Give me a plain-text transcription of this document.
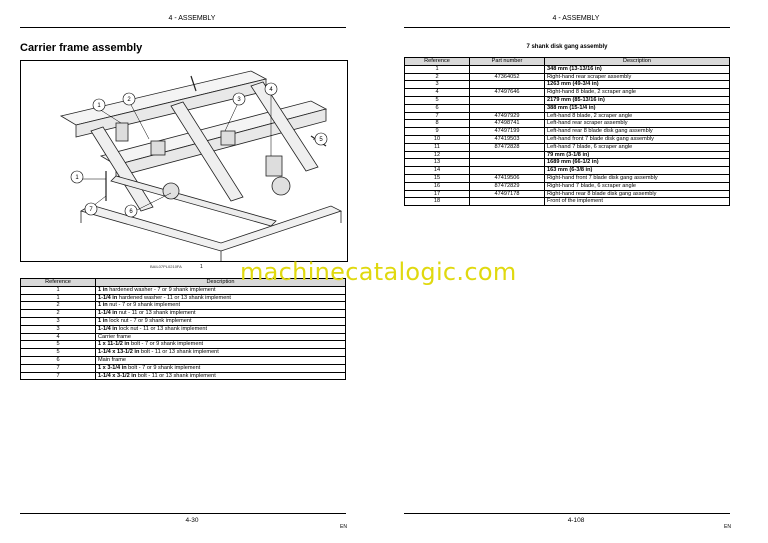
4 - ASSEMBLY
Carrier frame assembly
1
2	3
4
5
6
1
7
BAIL07PL0210FA	1
Reference	Description
1	1 in hardened washer - 7 or 9 shank implement
1	1-1/4 in hardened washer - 11 or 13 shank implement
2	1 in nut - 7 or 9 shank implement
2	1-1/4 in nut - 11 or 13 shank implement
3	1 in lock nut - 7 or 9 shank implement
3	1-1/4 in lock nut - 11 or 13 shank implement
4	Carrier frame
5	1 x 11-1/2 in bolt - 7 or 9 shank implement
5	1-1/4 x 13-1/2 in bolt - 11 or 13 shank implement
6	Main frame
7	1 x 3-1/4 in bolt - 7 or 9 shank implement
7	1-1/4 x 3-1/2 in bolt - 11 or 13 shank implement
4-30
EN
4 - ASSEMBLY
7 shank disk gang assembly
Reference	Part number	Description
1		348 mm (13-13/16 in)
2	47364052	Right-hand rear scraper assembly
3		1263 mm (49-3/4 in)
4	47497646	Right-hand 8 blade, 2 scraper angle
5		2179 mm (85-13/16 in)
6		388 mm (15-1/4 in)
7	47497929	Left-hand 8 blade, 2 scraper angle
8	47498741	Left-hand rear scraper assembly
9	47497199	Left-hand rear 8 blade disk gang assembly
10	47419503	Left-hand front 7 blade disk gang assembly
11	87472828	Left-hand 7 blade, 6 scraper angle
12		79 mm (3-1/8 in)
13		1689 mm (66-1/2 in)
14		163 mm (6-3/8 in)
15	47419506	Right-hand front 7 blade disk gang assembly
16	87472829	Right-hand 7 blade, 6 scraper angle
17	47497178	Right-hand rear 8 blade disk gang assembly
18		Front of the implement
4-108
EN
machinecatalogic.com
